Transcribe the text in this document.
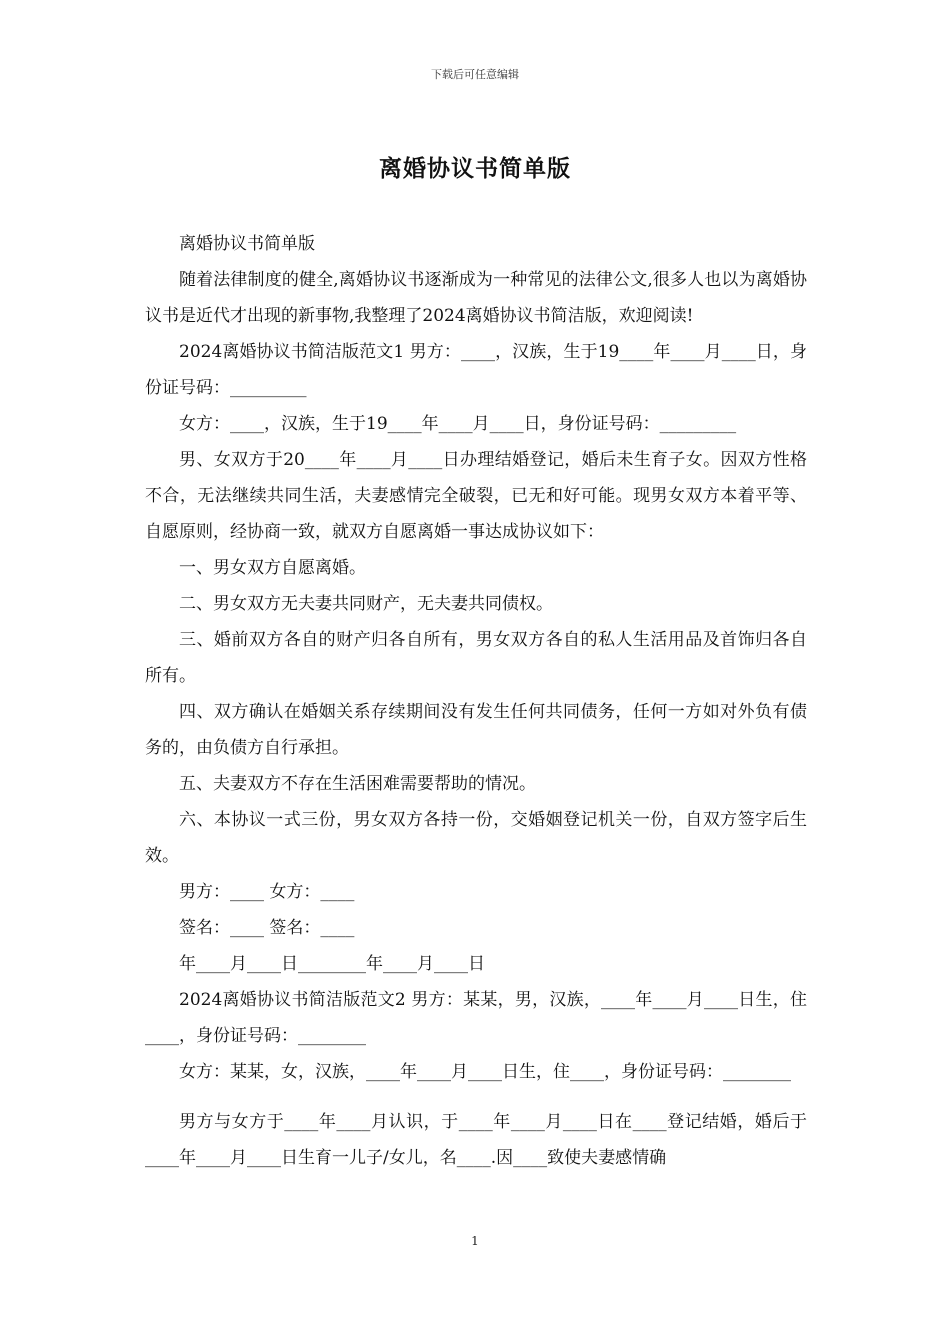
下载后可任意编辑
离婚协议书简单版

离婚协议书简单版

随着法律制度的健全,离婚协议书逐渐成为一种常见的法律公文,很多人也以为离婚协议书是近代才出现的新事物,我整理了2024离婚协议书简洁版，欢迎阅读!

2024离婚协议书简洁版范文1 男方：____，汉族，生于19____年____月____日，身份证号码：_________

女方：____，汉族，生于19____年____月____日，身份证号码：_________

男、女双方于20____年____月____日办理结婚登记，婚后未生育子女。因双方性格不合，无法继续共同生活，夫妻感情完全破裂，已无和好可能。现男女双方本着平等、自愿原则，经协商一致，就双方自愿离婚一事达成协议如下：

一、男女双方自愿离婚。

二、男女双方无夫妻共同财产，无夫妻共同债权。

三、婚前双方各自的财产归各自所有，男女双方各自的私人生活用品及首饰归各自所有。

四、双方确认在婚姻关系存续期间没有发生任何共同债务，任何一方如对外负有债务的，由负债方自行承担。

五、夫妻双方不存在生活困难需要帮助的情况。

六、本协议一式三份，男女双方各持一份，交婚姻登记机关一份，自双方签字后生效。

男方：____ 女方：____

签名：____ 签名：____

年____月____日________年____月____日

2024离婚协议书简洁版范文2 男方：某某，男，汉族，____年____月____日生，住____，身份证号码：________

女方：某某，女，汉族，____年____月____日生，住____，身份证号码：________

男方与女方于____年____月认识，于____年____月____日在____登记结婚，婚后于____年____月____日生育一儿子/女儿，名____.因____致使夫妻感情确

1
